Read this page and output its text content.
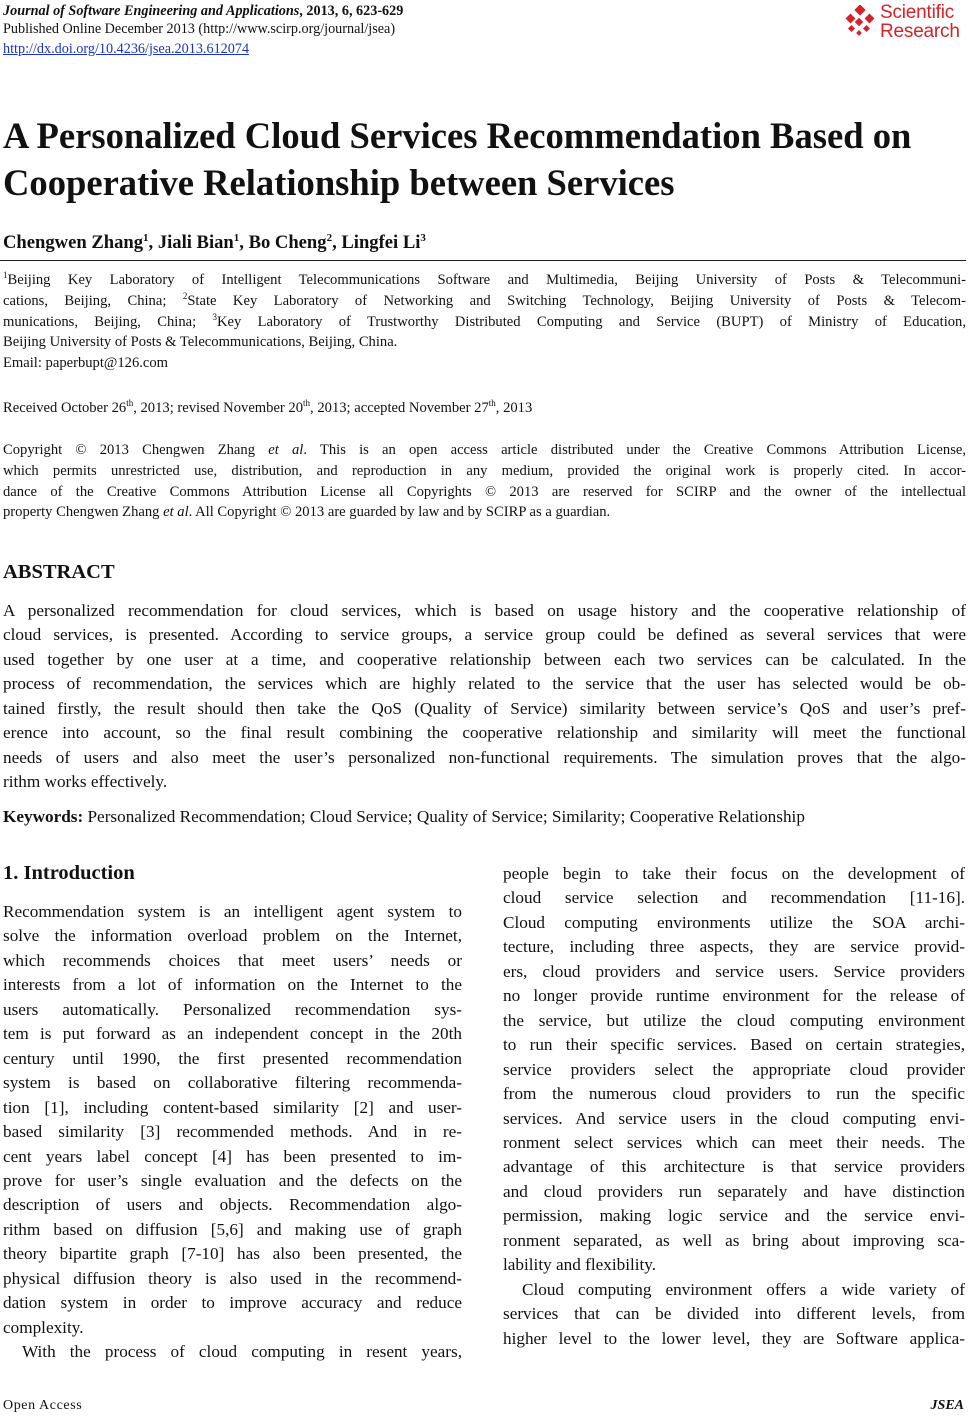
Journal of Software Engineering and Applications, 2013, 6, 623-629
Published Online December 2013 (http://www.scirp.org/journal/jsea)
http://dx.doi.org/10.4236/jsea.2013.612074
Scientific
Research
A Personalized Cloud Services Recommendation Based on
Cooperative Relationship between Services
Chengwen Zhang$^1$, Jiali Bian$^1$, Bo Cheng$^2$, Lingfei Li$^3$
$^1$Beijing Key Laboratory of Intelligent Telecommunications Software and Multimedia, Beijing University of Posts & Telecommuni-
cations, Beijing, China; $^2$State Key Laboratory of Networking and Switching Technology, Beijing University of Posts & Telecom-
munications, Beijing, China; $^3$Key Laboratory of Trustworthy Distributed Computing and Service (BUPT) of Ministry of Education,
Beijing University of Posts & Telecommunications, Beijing, China.
Email: paperbupt@126.com
Received October 26th, 2013; revised November 20th, 2013; accepted November 27th, 2013
Copyright © 2013 Chengwen Zhang et al. This is an open access article distributed under the Creative Commons Attribution License,
which permits unrestricted use, distribution, and reproduction in any medium, provided the original work is properly cited. In accor-
dance of the Creative Commons Attribution License all Copyrights © 2013 are reserved for SCIRP and the owner of the intellectual
property Chengwen Zhang et al. All Copyright © 2013 are guarded by law and by SCIRP as a guardian.
ABSTRACT
A personalized recommendation for cloud services, which is based on usage history and the cooperative relationship of
cloud services, is presented. According to service groups, a service group could be defined as several services that were
used together by one user at a time, and cooperative relationship between each two services can be calculated. In the
process of recommendation, the services which are highly related to the service that the user has selected would be ob-
tained firstly, the result should then take the QoS (Quality of Service) similarity between service’s QoS and user’s pref-
erence into account, so the final result combining the cooperative relationship and similarity will meet the functional
needs of users and also meet the user’s personalized non-functional requirements. The simulation proves that the algo-
rithm works effectively.
Keywords: Personalized Recommendation; Cloud Service; Quality of Service; Similarity; Cooperative Relationship
1. Introduction
Recommendation system is an intelligent agent system to
solve the information overload problem on the Internet,
which recommends choices that meet users’ needs or
interests from a lot of information on the Internet to the
users automatically. Personalized recommendation sys-
tem is put forward as an independent concept in the 20th
century until 1990, the first presented recommendation
system is based on collaborative filtering recommenda-
tion [1], including content-based similarity [2] and user-
based similarity [3] recommended methods. And in re-
cent years label concept [4] has been presented to im-
prove for user’s single evaluation and the defects on the
description of users and objects. Recommendation algo-
rithm based on diffusion [5,6] and making use of graph
theory bipartite graph [7-10] has also been presented, the
physical diffusion theory is also used in the recommend-
dation system in order to improve accuracy and reduce
complexity.
With the process of cloud computing in resent years,
people begin to take their focus on the development of
cloud service selection and recommendation [11-16].
Cloud computing environments utilize the SOA archi-
tecture, including three aspects, they are service provid-
ers, cloud providers and service users. Service providers
no longer provide runtime environment for the release of
the service, but utilize the cloud computing environment
to run their specific services. Based on certain strategies,
service providers select the appropriate cloud provider
from the numerous cloud providers to run the specific
services. And service users in the cloud computing envi-
ronment select services which can meet their needs. The
advantage of this architecture is that service providers
and cloud providers run separately and have distinction
permission, making logic service and the service envi-
ronment separated, as well as bring about improving sca-
lability and flexibility.
Cloud computing environment offers a wide variety of
services that can be divided into different levels, from
higher level to the lower level, they are Software applica-
Open Access	JSEA
